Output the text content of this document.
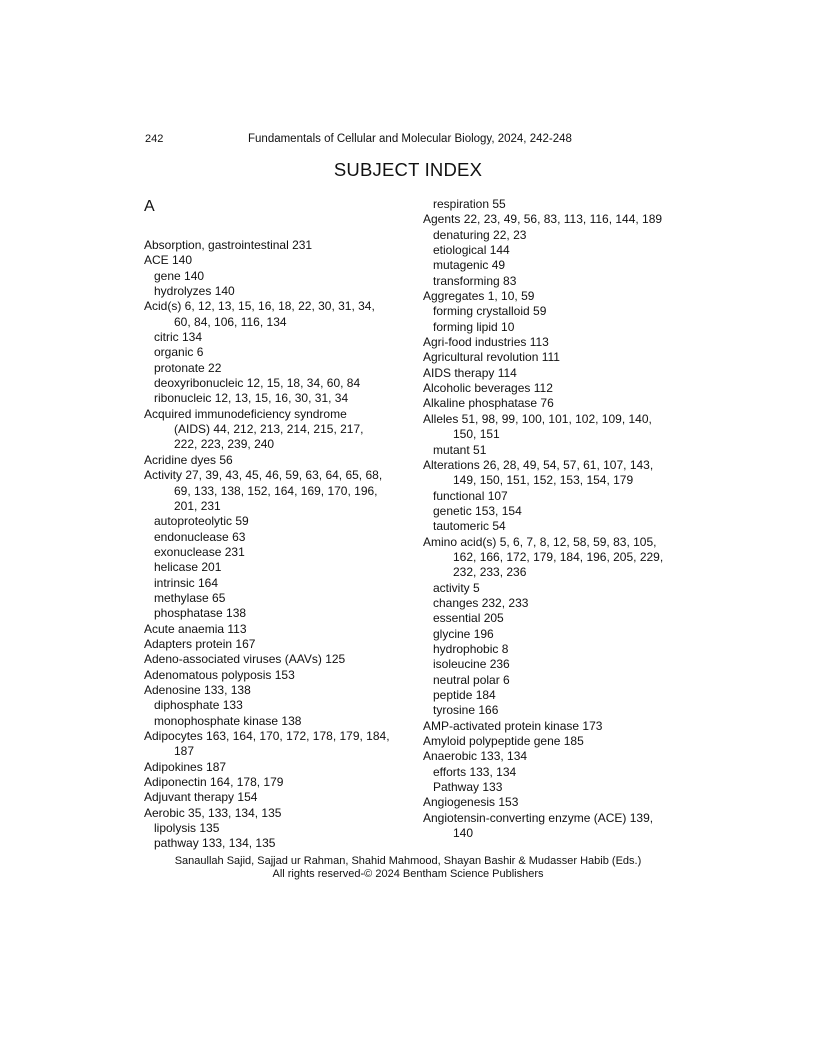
242	Fundamentals of Cellular and Molecular Biology, 2024, 242-248
SUBJECT INDEX
A
Absorption, gastrointestinal 231
ACE 140
gene 140
hydrolyzes 140
Acid(s) 6, 12, 13, 15, 16, 18, 22, 30, 31, 34,
60, 84, 106, 116, 134
citric 134
organic 6
protonate 22
deoxyribonucleic 12, 15, 18, 34, 60, 84
ribonucleic 12, 13, 15, 16, 30, 31, 34
Acquired immunodeficiency syndrome
(AIDS) 44, 212, 213, 214, 215, 217,
222, 223, 239, 240
Acridine dyes 56
Activity 27, 39, 43, 45, 46, 59, 63, 64, 65, 68,
69, 133, 138, 152, 164, 169, 170, 196,
201, 231
autoproteolytic 59
endonuclease 63
exonuclease 231
helicase 201
intrinsic 164
methylase 65
phosphatase 138
Acute anaemia 113
Adapters protein 167
Adeno-associated viruses (AAVs) 125
Adenomatous polyposis 153
Adenosine 133, 138
diphosphate 133
monophosphate kinase 138
Adipocytes 163, 164, 170, 172, 178, 179, 184,
187
Adipokines 187
Adiponectin 164, 178, 179
Adjuvant therapy 154
Aerobic 35, 133, 134, 135
lipolysis 135
pathway 133, 134, 135
respiration 55
Agents 22, 23, 49, 56, 83, 113, 116, 144, 189
denaturing 22, 23
etiological 144
mutagenic 49
transforming 83
Aggregates 1, 10, 59
forming crystalloid 59
forming lipid 10
Agri-food industries 113
Agricultural revolution 111
AIDS therapy 114
Alcoholic beverages 112
Alkaline phosphatase 76
Alleles 51, 98, 99, 100, 101, 102, 109, 140,
150, 151
mutant 51
Alterations 26, 28, 49, 54, 57, 61, 107, 143,
149, 150, 151, 152, 153, 154, 179
functional 107
genetic 153, 154
tautomeric 54
Amino acid(s) 5, 6, 7, 8, 12, 58, 59, 83, 105,
162, 166, 172, 179, 184, 196, 205, 229,
232, 233, 236
activity 5
changes 232, 233
essential 205
glycine 196
hydrophobic 8
isoleucine 236
neutral polar 6
peptide 184
tyrosine 166
AMP-activated protein kinase 173
Amyloid polypeptide gene 185
Anaerobic 133, 134
efforts 133, 134
Pathway 133
Angiogenesis 153
Angiotensin-converting enzyme (ACE) 139,
140
Sanaullah Sajid, Sajjad ur Rahman, Shahid Mahmood, Shayan Bashir & Mudasser Habib (Eds.)
All rights reserved-© 2024 Bentham Science Publishers
